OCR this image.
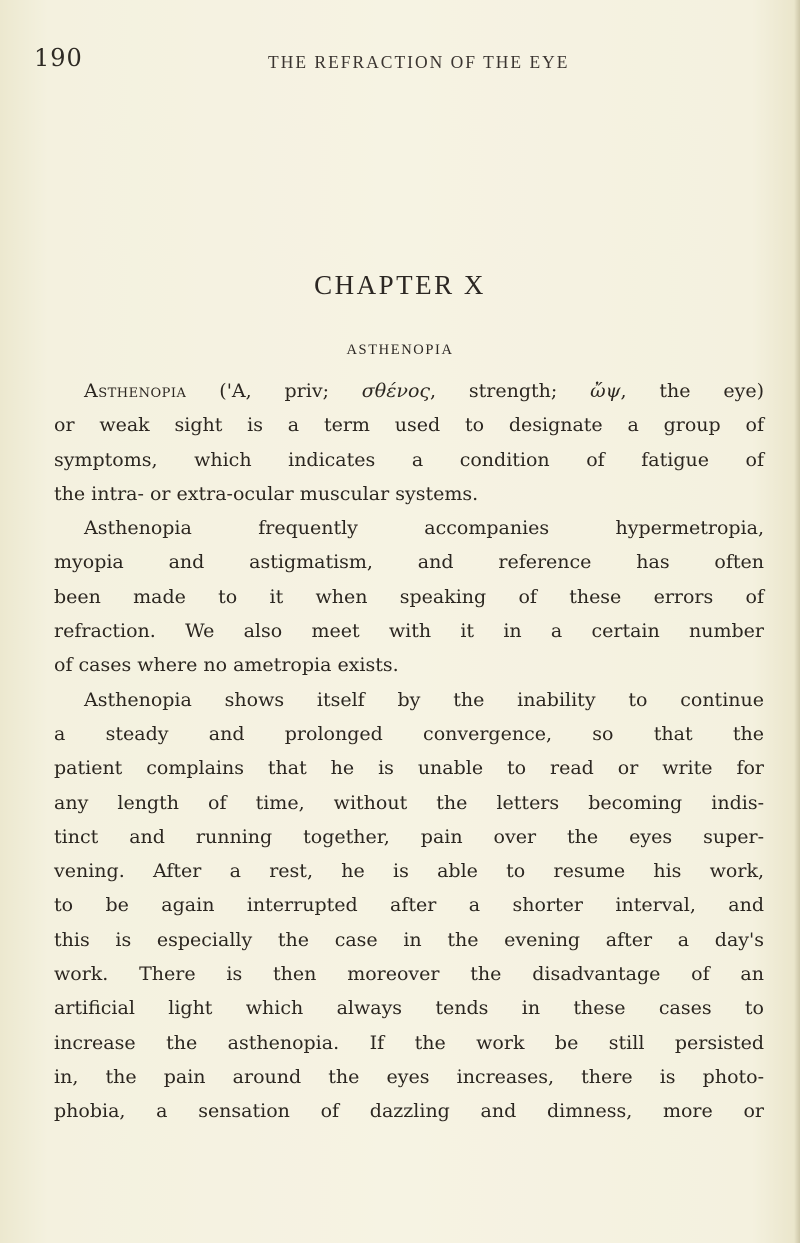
190	THE REFRACTION OF THE EYE
CHAPTER X
ASTHENOPIA
Asthenopia ('A, priv; σθένος, strength; ὤψ, the eye)
or weak sight is a term used to designate a group of
symptoms, which indicates a condition of fatigue of
the intra- or extra-ocular muscular systems.
Asthenopia frequently accompanies hypermetropia,
myopia and astigmatism, and reference has often
been made to it when speaking of these errors of
refraction. We also meet with it in a certain number
of cases where no ametropia exists.
Asthenopia shows itself by the inability to continue
a steady and prolonged convergence, so that the
patient complains that he is unable to read or write for
any length of time, without the letters becoming indis-
tinct and running together, pain over the eyes super-
vening. After a rest, he is able to resume his work,
to be again interrupted after a shorter interval, and
this is especially the case in the evening after a day's
work. There is then moreover the disadvantage of an
artificial light which always tends in these cases to
increase the asthenopia. If the work be still persisted
in, the pain around the eyes increases, there is photo-
phobia, a sensation of dazzling and dimness, more or
